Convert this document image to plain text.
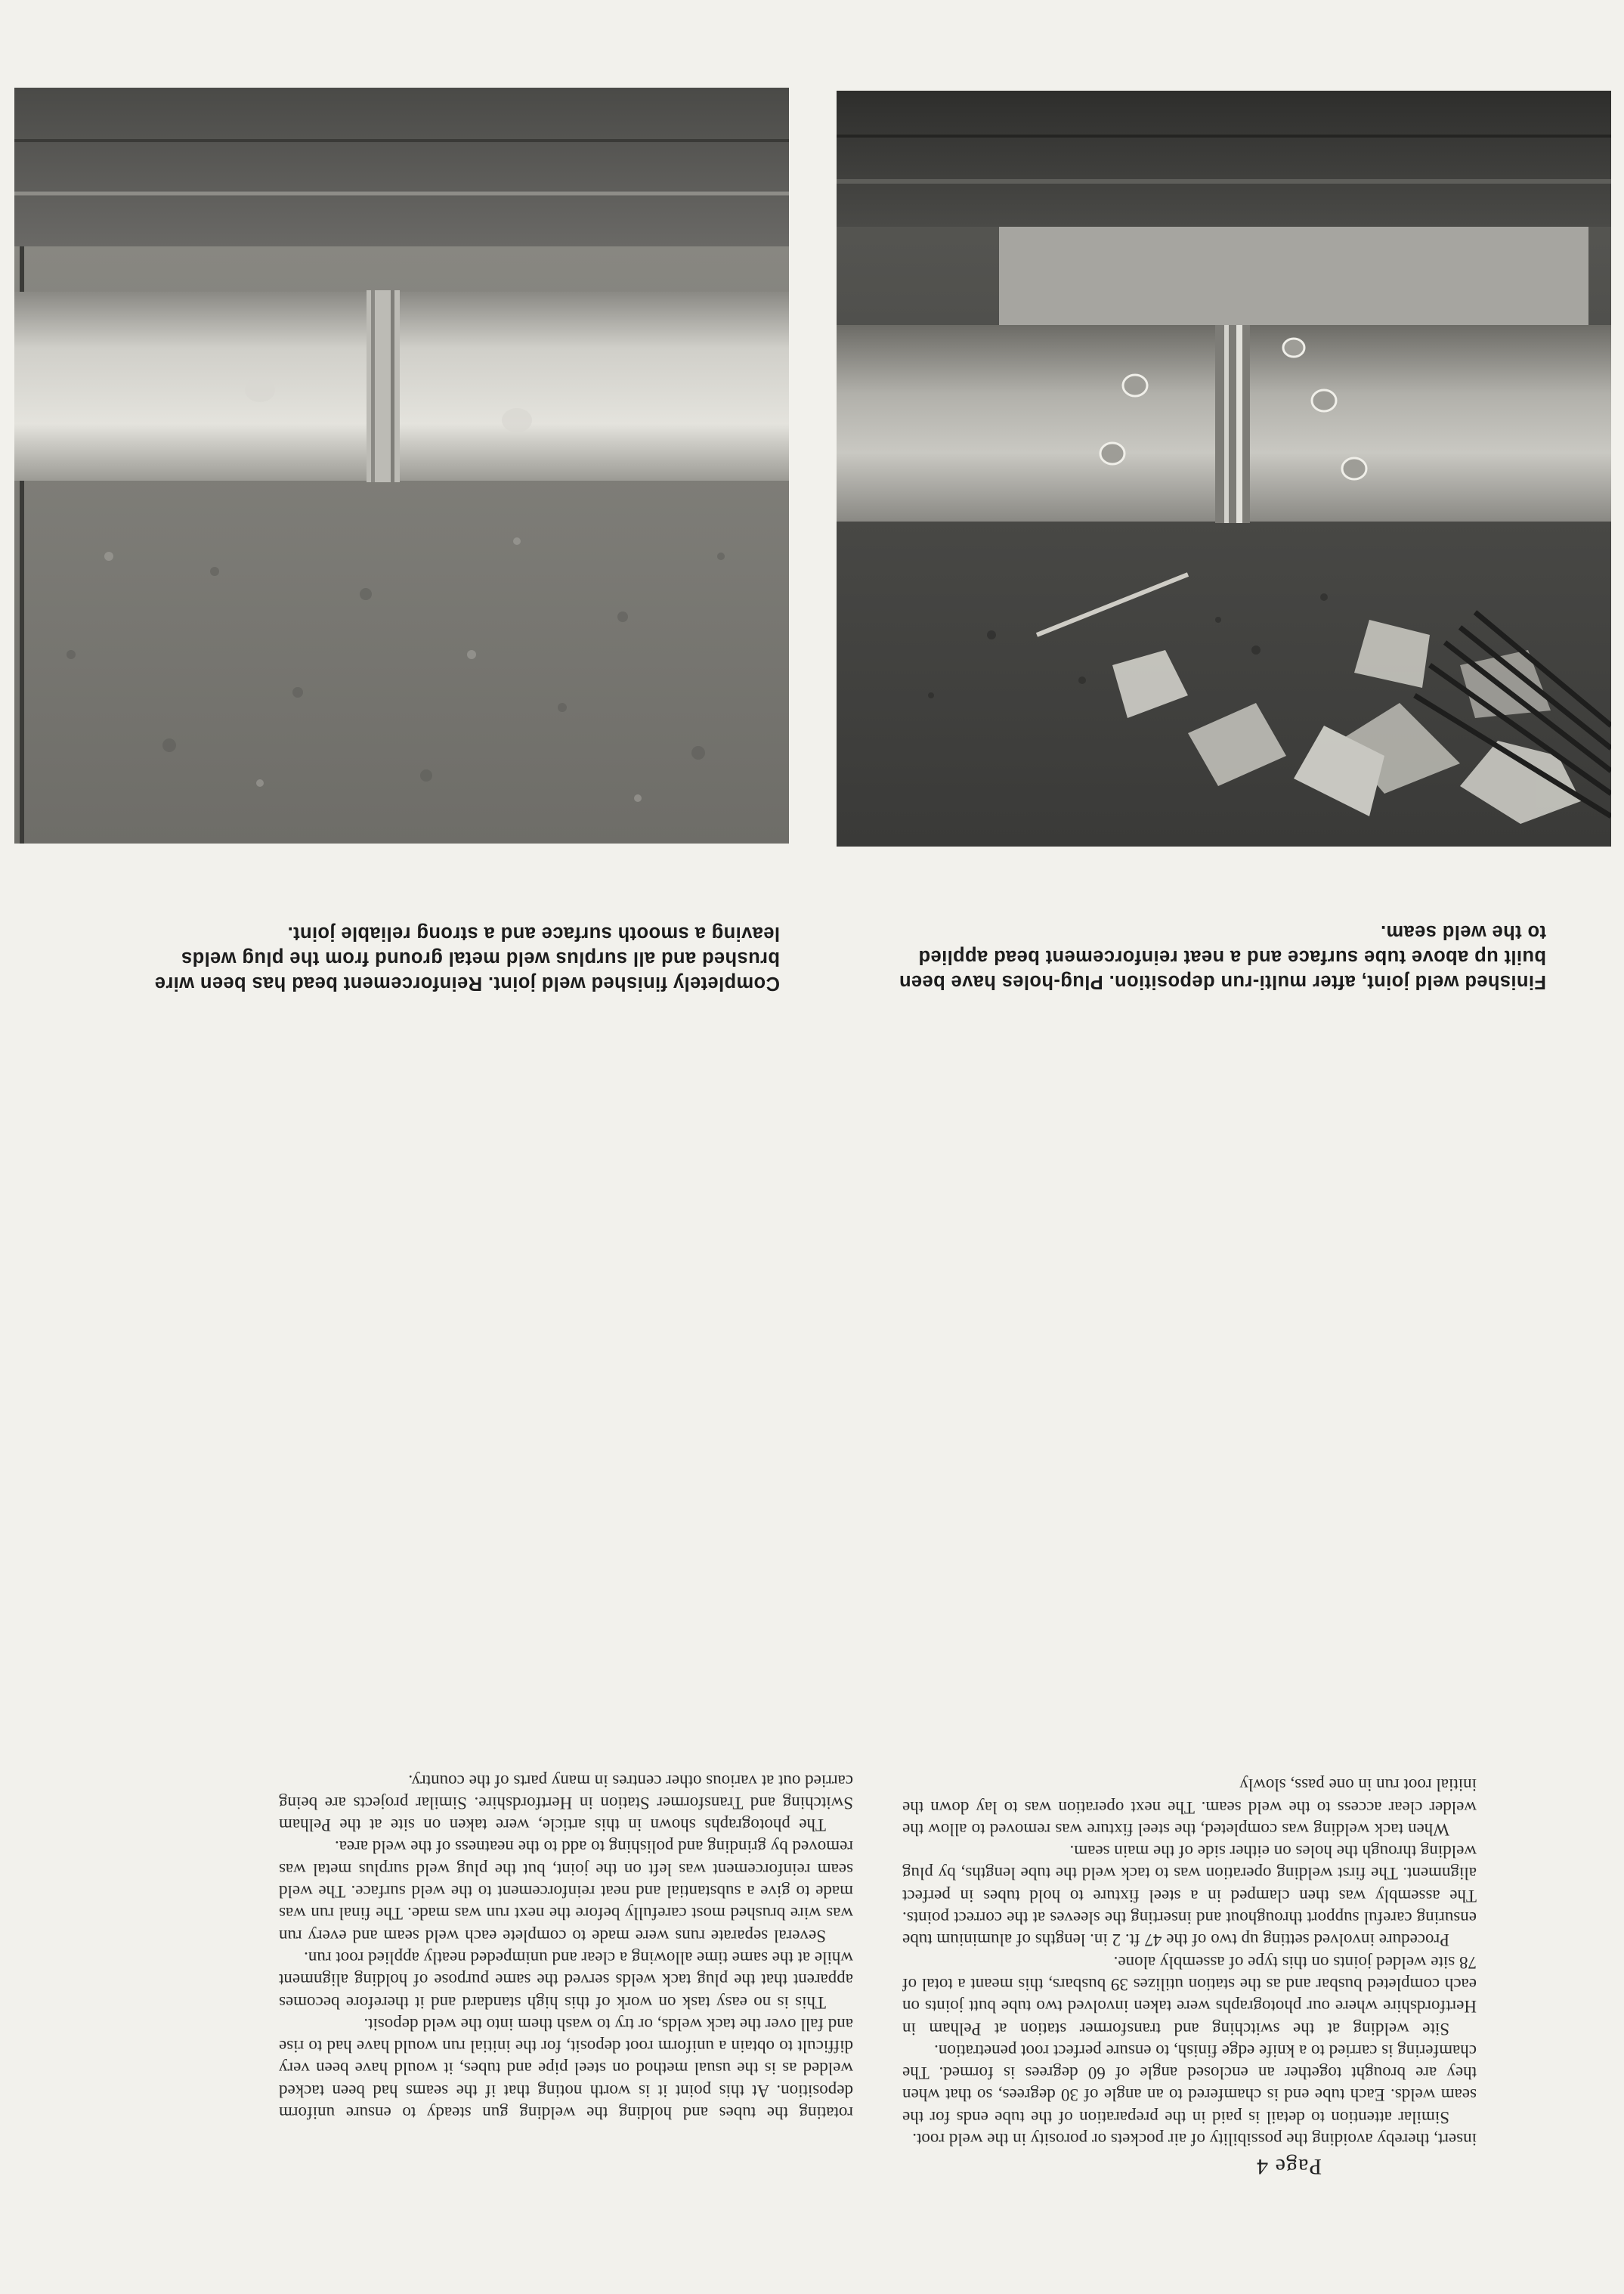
Page 4

insert, thereby avoiding the possibility of air pockets or porosity in the weld root.

Similar attention to detail is paid in the preparation of the tube ends for the seam welds. Each tube end is chamfered to an angle of 30 degrees, so that when they are brought together an enclosed angle of 60 degrees is formed. The chamfering is carried to a knife edge finish, to ensure perfect root penetration.

Site welding at the switching and transformer station at Pelham in Hertfordshire where our photographs were taken involved two tube butt joints on each completed busbar and as the station utilizes 39 busbars, this meant a total of 78 site welded joints on this type of assembly alone.

Procedure involved setting up two of the 47 ft. 2 in. lengths of aluminium tube ensuring careful support throughout and inserting the sleeves at the correct points. The assembly was then clamped in a steel fixture to hold tubes in perfect alignment. The first welding operation was to tack weld the tube lengths, by plug welding through the holes on either side of the main seam.

When tack welding was completed, the steel fixture was removed to allow the welder clear access to the weld seam. The next operation was to lay down the initial root run in one pass, slowly

rotating the tubes and holding the welding gun steady to ensure uniform deposition. At this point it is worth noting that if the seams had been tacked welded as is the usual method on steel pipe and tubes, it would have been very difficult to obtain a uniform root deposit, for the initial run would have had to rise and fall over the tack welds, or try to wash them into the weld deposit.

This is no easy task on work of this high standard and it therefore becomes apparent that the plug tack welds served the same purpose of holding alignment while at the same time allowing a clear and unimpeded neatly applied root run.

Several separate runs were made to complete each weld seam and every run was wire brushed most carefully before the next run was made. The final run was made to give a substantial and neat reinforcement to the weld surface. The weld seam reinforcement was left on the joint, but the plug weld surplus metal was removed by grinding and polishing to add to the neatness of the weld area.

The photographs shown in this article, were taken on site at the Pelham Switching and Transformer Station in Hertfordshire. Similar projects are being carried out at various other centres in many parts of the country.

Finished weld joint, after multi-run deposition. Plug-holes have been built up above tube surface and a neat reinforcement bead applied to the weld seam.
Completely finished weld joint. Reinforcement bead has been wire brushed and all surplus weld metal ground from the plug welds leaving a smooth surface and a strong reliable joint.
